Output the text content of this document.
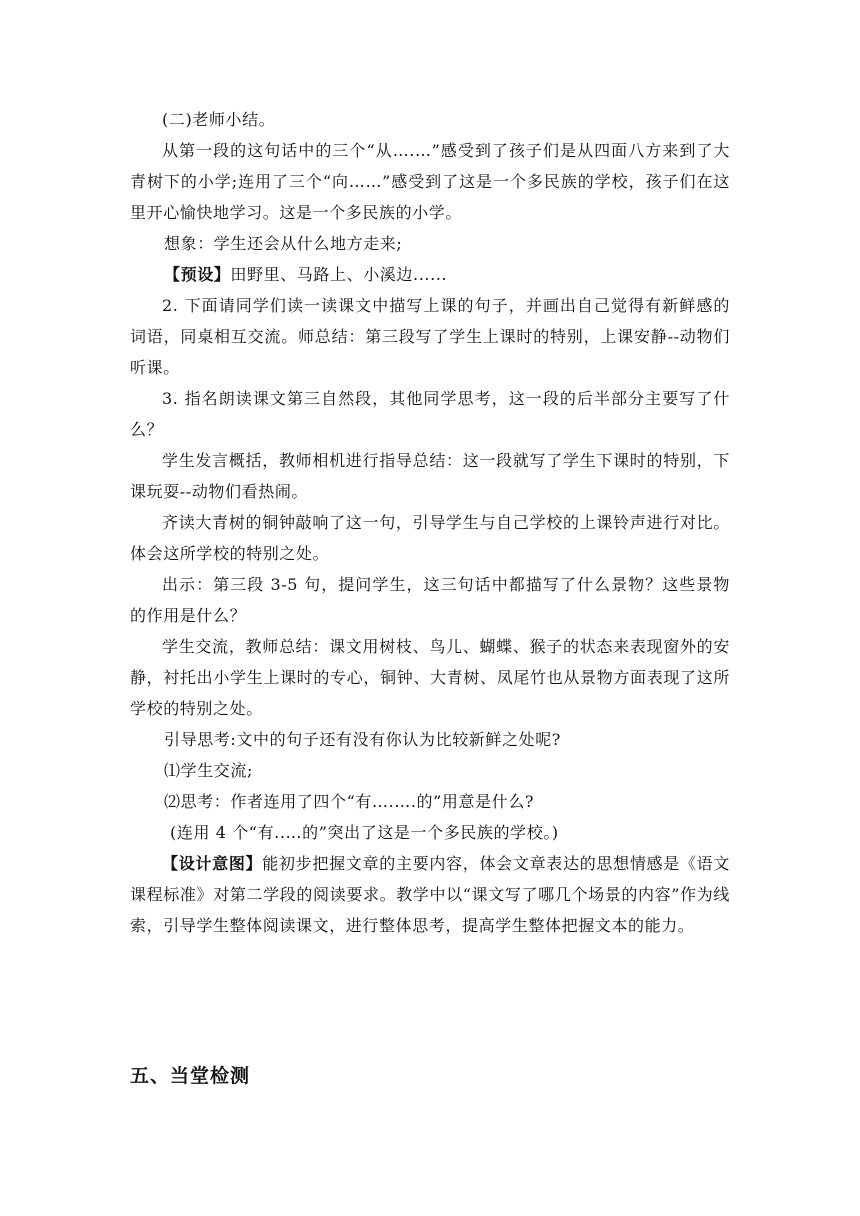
(二)老师小结。

从第一段的这句话中的三个“从….…”感受到了孩子们是从四面八方来到了大青树下的小学;连用了三个“向……”感受到了这是一个多民族的学校，孩子们在这里开心愉快地学习。这是一个多民族的小学。

想象：学生还会从什么地方走来;

【预设】田野里、马路上、小溪边......

2. 下面请同学们读一读课文中描写上课的句子，并画出自己觉得有新鲜感的词语，同桌相互交流。师总结：第三段写了学生上课时的特别，上课安静--动物们听课。

3. 指名朗读课文第三自然段，其他同学思考，这一段的后半部分主要写了什么？

学生发言概括，教师相机进行指导总结：这一段就写了学生下课时的特别，下课玩耍--动物们看热闹。

齐读大青树的铜钟敲响了这一句，引导学生与自己学校的上课铃声进行对比。体会这所学校的特别之处。

出示：第三段 3-5 句，提问学生，这三句话中都描写了什么景物？这些景物的作用是什么？

学生交流，教师总结：课文用树枝、鸟儿、蝴蝶、猴子的状态来表现窗外的安静，衬托出小学生上课时的专心，铜钟、大青树、凤尾竹也从景物方面表现了这所学校的特别之处。

引导思考:文中的句子还有没有你认为比较新鲜之处呢?

⑴学生交流;

⑵思考：作者连用了四个“有….….的”用意是什么?

(连用 4 个“有..…的”突出了这是一个多民族的学校。)

【设计意图】能初步把握文章的主要内容，体会文章表达的思想情感是《语文课程标准》对第二学段的阅读要求。教学中以“课文写了哪几个场景的内容”作为线索，引导学生整体阅读课文，进行整体思考，提高学生整体把握文本的能力。

五、当堂检测
